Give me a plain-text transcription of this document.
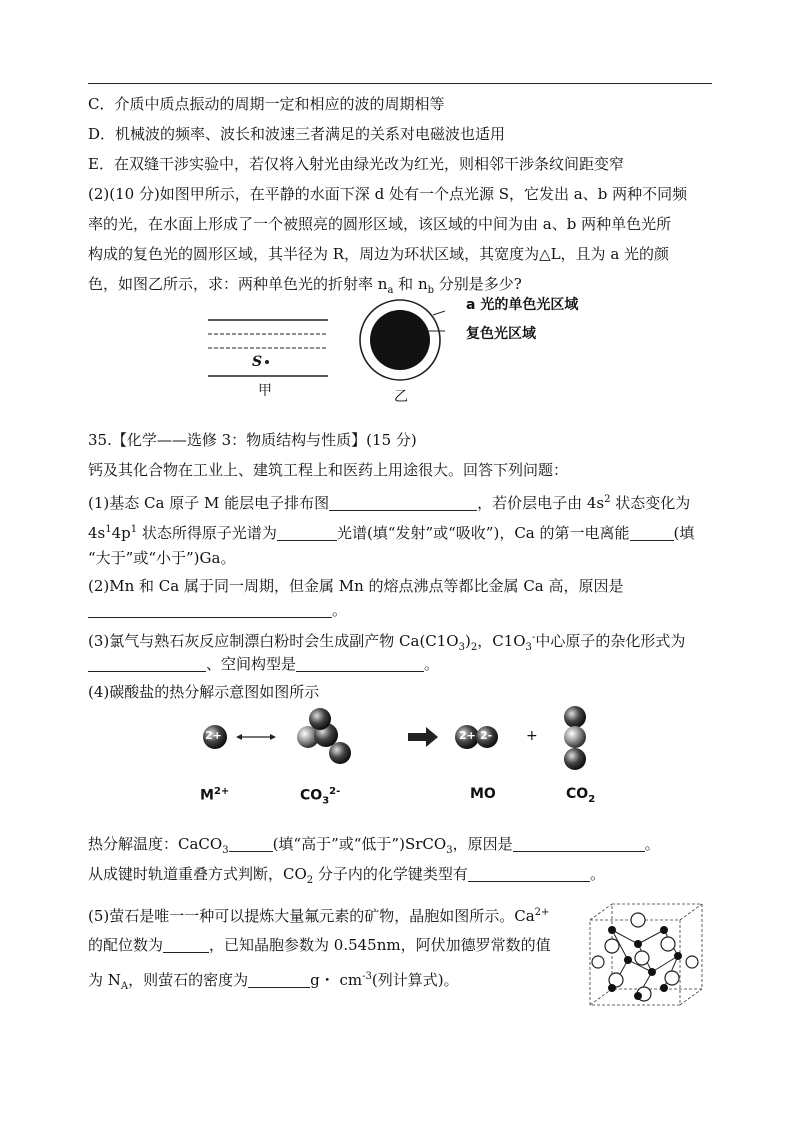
C．介质中质点振动的周期一定和相应的波的周期相等
D．机械波的频率、波长和波速三者满足的关系对电磁波也适用
E．在双缝干涉实验中，若仅将入射光由绿光改为红光，则相邻干涉条纹间距变窄
(2)(10 分)如图甲所示，在平静的水面下深 d 处有一个点光源 S，它发出 a、b 两种不同频
率的光，在水面上形成了一个被照亮的圆形区域，该区域的中间为由 a、b 两种单色光所
构成的复色光的圆形区域，其半径为 R，周边为环状区域，其宽度为△L，且为 a 光的颜
色，如图乙所示，求：两种单色光的折射率 $n_a$ 和 $n_b$ 分别是多少?
S
甲
a 光的单色光区域
复色光区域
乙
35.【化学——选修 3：物质结构与性质】(15 分)
钙及其化合物在工业上、建筑工程上和医药上用途很大。回答下列问题：
(1)基态 Ca 原子 M 能层电子排布图	，若价层电子由 $4s^2$ 状态变化为
$4s^14p^1$ 状态所得原子光谱为	光谱(填“发射”或“吸收”)，Ca 的第一电离能	(填
“大于”或“小于”)Ga。
(2)Mn 和 Ca 属于同一周期，但金属 Mn 的熔点沸点等都比金属 Ca 高，原因是
。
(3)氯气与熟石灰反应制漂白粉时会生成副产物 $Ca(C1O_3)_2$，$C1O_3^-$中心原子的杂化形式为
、空间构型是	。
(4)碳酸盐的热分解示意图如图所示
2+	2+ 2- +
$M^{2+}$	$CO_3^{2-}$	MO	$CO_2$
热分解温度：CaCO$_3$	(填“高于”或“低于”)SrCO$_3$，原因是	。
从成键时轨道重叠方式判断，$CO_2$ 分子内的化学键类型有	。
(5)萤石是唯一一种可以提炼大量氟元素的矿物，晶胞如图所示。$Ca^{2+}$
的配位数为	，已知晶胞参数为 0.545nm，阿伏加德罗常数的值
为 $N_A$，则萤石的密度为	g・ $cm^{-3}$(列计算式)。
